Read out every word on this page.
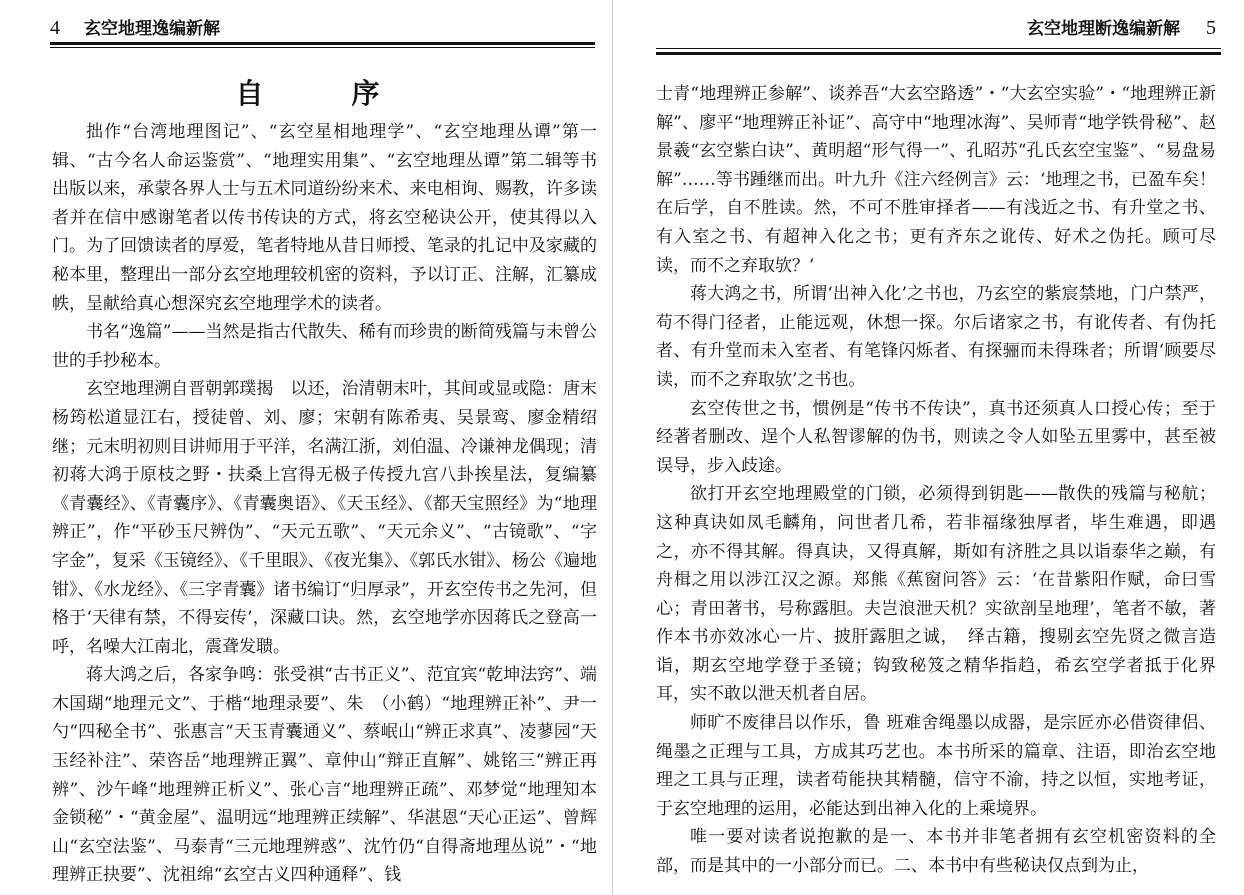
4 玄空地理逸编新解
自　序

拙作“台湾地理图记”、“玄空星相地理学”、“玄空地理丛谭”第一辑、“古今名人命运鉴赏”、“地理实用集”、“玄空地理丛谭”第二辑等书出版以来，承蒙各界人士与五术同道纷纷来术、来电相询、赐教，许多读者并在信中感谢笔者以传书传诀的方式，将玄空秘诀公开，使其得以入门。为了回馈读者的厚爱，笔者特地从昔日师授、笔录的扎记中及家藏的秘本里，整理出一部分玄空地理较机密的资料，予以订正、注解，汇纂成帙，呈献给真心想深究玄空地理学术的读者。

书名“逸篇”——当然是指古代散失、稀有而珍贵的断简残篇与未曾公世的手抄秘本。

玄空地理溯自晋朝郭璞揭　以还，治清朝末叶，其间或显或隐：唐末杨筠松道显江右，授徒曾、刘、廖；宋朝有陈希夷、吴景鸾、廖金精绍继；元末明初则目讲师用于平洋，名满江浙，刘伯温、冷谦神龙偶现；清初蒋大鸿于原枝之野・扶桑上宫得无极子传授九宫八卦挨星法，复编纂《青囊经》、《青囊序》、《青囊奥语》、《天玉经》、《都天宝照经》为“地理辨正”，作“平砂玉尺辨伪”、“天元五歌”、“天元余义”、“古镜歌”、“字字金”，复采《玉镜经》、《千里眼》、《夜光集》、《郭氏水钳》、杨公《遍地钳》、《水龙经》、《三字青囊》诸书编订“归厚录”，开玄空传书之先河，但格于‘天律有禁，不得妄传’，深藏口诀。然，玄空地学亦因蒋氏之登高一呼，名噪大江南北，震聋发聩。

蒋大鸿之后，各家争鸣：张受祺“古书正义”、范宜宾“乾坤法窍”、端木国瑚“地理元文”、于楷“地理录要”、朱　（小鹤）“地理辨正补”、尹一勺“四秘全书”、张惠言“天玉青囊通义”、蔡岷山“辨正求真”、凌蓼园“天玉经补注”、荣咨岳“地理辨正翼”、章仲山“辩正直解”、姚铭三“辨正再辨”、沙午峰“地理辨正析义”、张心言“地理辨正疏”、邓梦觉“地理知本金锁秘”・“黄金屋”、温明远“地理辨正续解”、华湛恩“天心正运”、曾辉山“玄空法鉴”、马泰青“三元地理辨惑”、沈竹仍“自得斋地理丛说”・“地理辨正抉要”、沈祖绵“玄空古义四种通释”、钱

玄空地理断逸编新解 5

士青“地理辨正参解”、谈养吾“大玄空路透”・“大玄空实验”・“地理辨正新解”、廖平“地理辨正补证”、高守中“地理冰海”、吴师青“地学铁骨秘”、赵景羲“玄空紫白诀”、黄明超“形气得一”、孔昭苏“孔氏玄空宝鉴”、“易盘易解”……等书踵继而出。叶九升《注六经例言》云：‘地理之书，已盈车矣！在后学，自不胜读。然，不可不胜审择者——有浅近之书、有升堂之书、有入室之书、有超神入化之书；更有齐东之讹传、好术之伪托。顾可尽读，而不之弃取欤？’

蒋大鸿之书，所谓‘出神入化’之书也，乃玄空的紫宸禁地，门户禁严，苟不得门径者，止能远观，休想一探。尔后诸家之书，有讹传者、有伪托者、有升堂而未入室者、有笔锋闪烁者、有探骊而未得珠者；所谓‘顾要尽读，而不之弃取欤’之书也。

玄空传世之书，惯例是“传书不传诀”，真书还须真人口授心传；至于经著者删改、逞个人私智谬解的伪书，则读之令人如坠五里雾中，甚至被误导，步入歧途。

欲打开玄空地理殿堂的门锁，必须得到钥匙——散佚的残篇与秘航；这种真诀如凤毛麟角，问世者几希，若非福缘独厚者，毕生难遇，即遇之，亦不得其解。得真诀，又得真解，斯如有济胜之具以诣泰华之巅，有舟楫之用以涉江汉之源。郑熊《蕉窗问答》云：‘在昔紫阳作赋，命曰雪心；青田著书，号称露胆。夫岂浪泄天机？实欲剖呈地理’，笔者不敏，著作本书亦效冰心一片、披肝露胆之诚，　绎古籍，搜剔玄空先贤之微言造诣，期玄空地学登于圣镜；钩致秘笈之精华指趋，希玄空学者抵于化界耳，实不敢以泄天机者自居。

师旷不废律吕以作乐，鲁 班难舍绳墨以成器，是宗匠亦必借资律侣、绳墨之正理与工具，方成其巧艺也。本书所采的篇章、注语，即治玄空地理之工具与正理，读者苟能抉其精髓，信守不渝，持之以恒，实地考证，于玄空地理的运用，必能达到出神入化的上乘境界。

唯一要对读者说抱歉的是一、本书并非笔者拥有玄空机密资料的全部，而是其中的一小部分而已。二、本书中有些秘诀仅点到为止，
